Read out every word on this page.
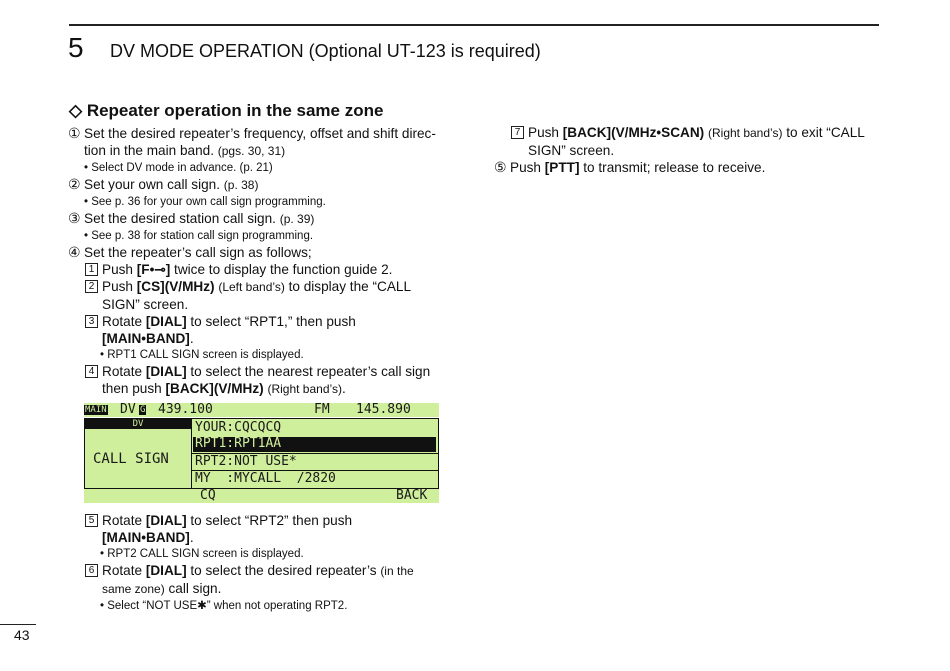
5 DV MODE OPERATION (Optional UT-123 is required)
◇ Repeater operation in the same zone
① Set the desired repeater’s frequency, offset and shift direc-
tion in the main band. (pgs. 30, 31)
• Select DV mode in advance. (p. 21)
② Set your own call sign. (p. 38)
• See p. 36 for your own call sign programming.
③ Set the desired station call sign. (p. 39)
• See p. 38 for station call sign programming.
④ Set the repeater’s call sign as follows;
1 Push [F•⊸] twice to display the function guide 2.
2 Push [CS](V/MHz) (Left band’s) to display the “CALL
SIGN” screen.
3 Rotate [DIAL] to select “RPT1,” then push
[MAIN•BAND].
• RPT1 CALL SIGN screen is displayed.
4 Rotate [DIAL] to select the nearest repeater’s call sign
then push [BACK](V/MHz) (Right band’s).
MAIN DV G 439.100	FM 145.890
DV
CALL SIGN
YOUR:CQCQCQ
RPT1:RPT1AA
RPT2:NOT USE*
MY  :MYCALL  /2820
CQ	BACK
5 Rotate [DIAL] to select “RPT2” then push
[MAIN•BAND].
• RPT2 CALL SIGN screen is displayed.
6 Rotate [DIAL] to select the desired repeater’s (in the
same zone) call sign.
• Select “NOT USE✱” when not operating RPT2.
7 Push [BACK](V/MHz•SCAN) (Right band’s) to exit “CALL
SIGN” screen.
⑤ Push [PTT] to transmit; release to receive.
43
